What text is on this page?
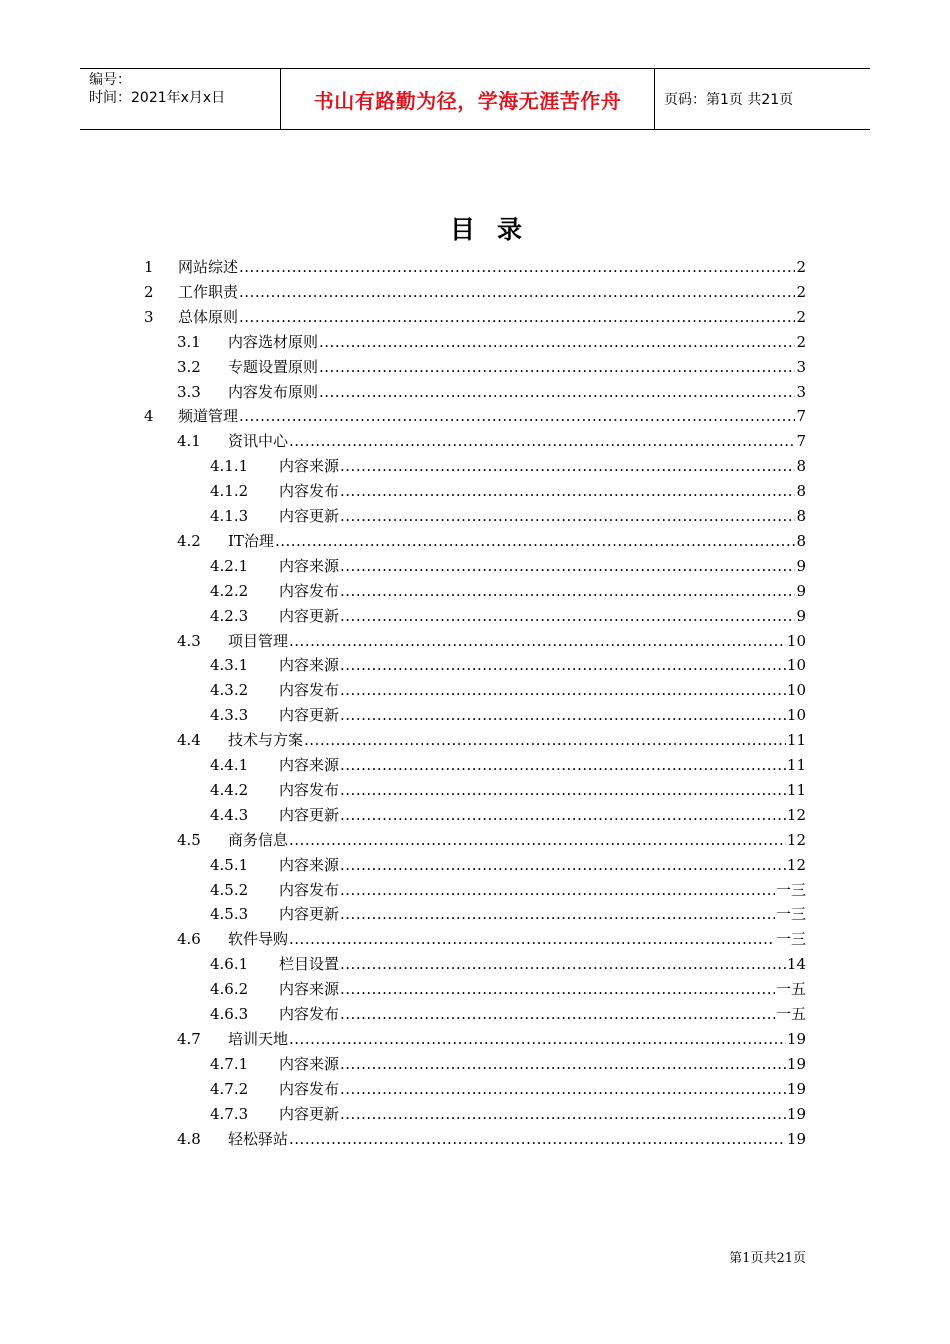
编号：
时间：2021年x月x日	书山有路勤为径，学海无涯苦作舟	页码：第1页 共21页
目录
1	网站综述 .....	2
2	工作职责 .....	2
3	总体原则 .....	2
3.1	内容选材原则 .....	2
3.2	专题设置原则 .....	3
3.3	内容发布原则 .....	3
4	频道管理 .....	7
4.1	资讯中心 .....	7
4.1.1	内容来源 .....	8
4.1.2	内容发布 .....	8
4.1.3	内容更新 .....	8
4.2	IT治理 .....	8
4.2.1	内容来源 .....	9
4.2.2	内容发布 .....	9
4.2.3	内容更新 .....	9
4.3	项目管理 .....	10
4.3.1	内容来源 .....	10
4.3.2	内容发布 .....	10
4.3.3	内容更新 .....	10
4.4	技术与方案 .....	11
4.4.1	内容来源 .....	11
4.4.2	内容发布 .....	11
4.4.3	内容更新 .....	12
4.5	商务信息 .....	12
4.5.1	内容来源 .....	12
4.5.2	内容发布 .....	一三
4.5.3	内容更新 .....	一三
4.6	软件导购 .....	一三
4.6.1	栏目设置 .....	14
4.6.2	内容来源 .....	一五
4.6.3	内容发布 .....	一五
4.7	培训天地 .....	19
4.7.1	内容来源 .....	19
4.7.2	内容发布 .....	19
4.7.3	内容更新 .....	19
4.8	轻松驿站 .....	19
第1页共21页
